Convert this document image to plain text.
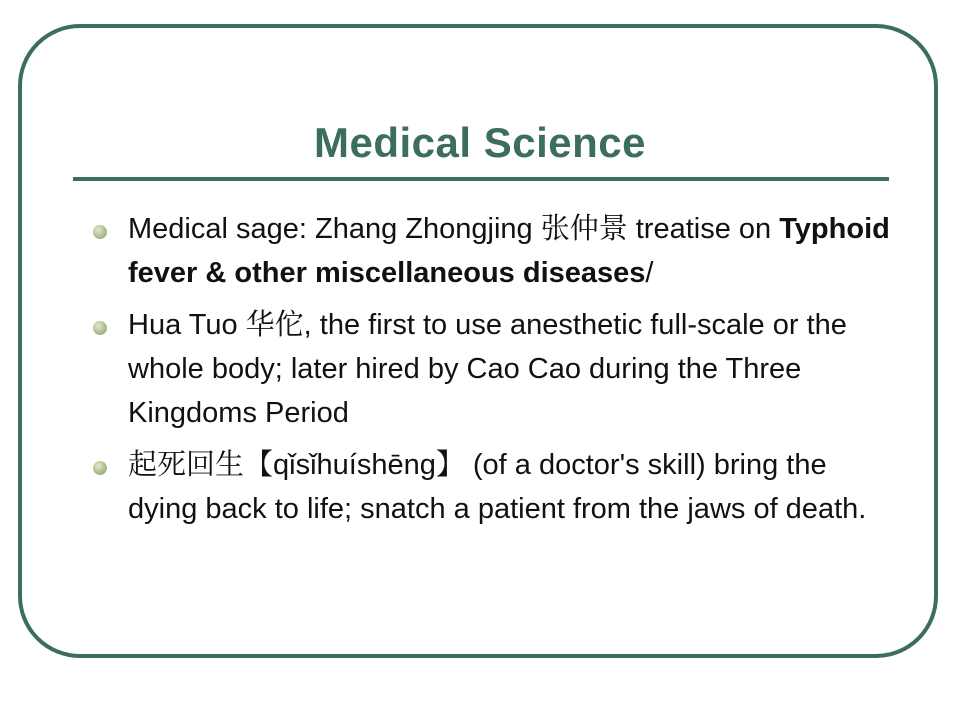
Medical Science
Medical sage: Zhang Zhongjing 张仲景 treatise on Typhoid fever & other miscellaneous diseases/
Hua Tuo 华佗, the first to use anesthetic full-scale or the whole body; later hired by Cao Cao during the Three Kingdoms Period
起死回生【qǐsǐhuíshēng】 (of a doctor's skill) bring the dying back to life; snatch a patient from the jaws of death.
